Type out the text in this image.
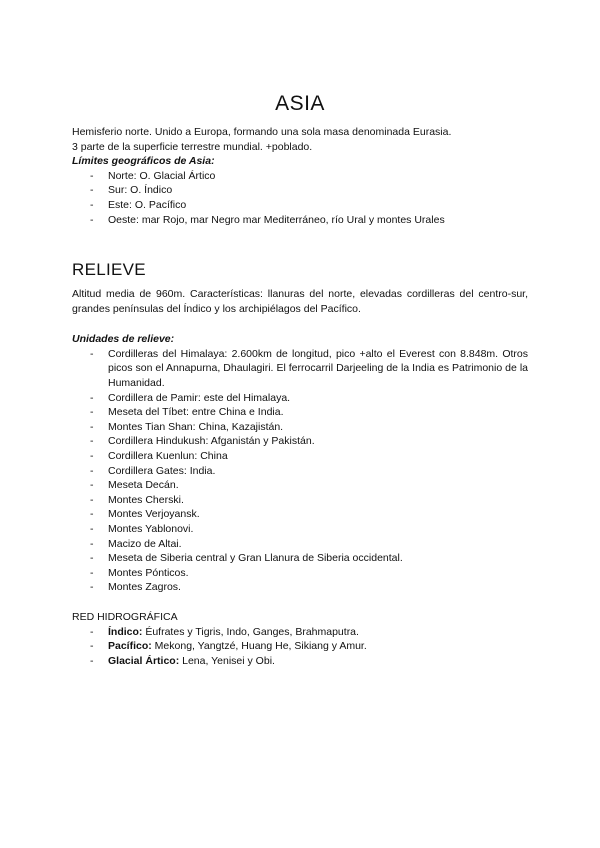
ASIA

Hemisferio norte. Unido a Europa, formando una sola masa denominada Eurasia.

3 parte de la superficie terrestre mundial. +poblado.

Límites geográficos de Asia:

- Norte: O. Glacial Ártico
- Sur: O. Índico
- Este: O. Pacífico
- Oeste: mar Rojo, mar Negro mar Mediterráneo, río Ural y montes Urales
RELIEVE

Altitud media de 960m. Características: llanuras del norte, elevadas cordilleras del centro-sur, grandes penínsulas del Índico y los archipiélagos del Pacífico.

Unidades de relieve:

- Cordilleras del Himalaya: 2.600km de longitud, pico +alto el Everest con 8.848m. Otros picos son el Annapurna, Dhaulagiri. El ferrocarril Darjeeling de la India es Patrimonio de la Humanidad.
- Cordillera de Pamir: este del Himalaya.
- Meseta del Tíbet: entre China e India.
- Montes Tian Shan: China, Kazajistán.
- Cordillera Hindukush: Afganistán y Pakistán.
- Cordillera Kuenlun: China
- Cordillera Gates: India.
- Meseta Decán.
- Montes Cherski.
- Montes Verjoyansk.
- Montes Yablonovi.
- Macizo de Altai.
- Meseta de Siberia central y Gran Llanura de Siberia occidental.
- Montes Pónticos.
- Montes Zagros.

RED HIDROGRÁFICA

- Índico: Éufrates y Tigris, Indo, Ganges, Brahmaputra.
- Pacífico: Mekong, Yangtzé, Huang He, Sikiang y Amur.
- Glacial Ártico: Lena, Yenisei y Obi.
